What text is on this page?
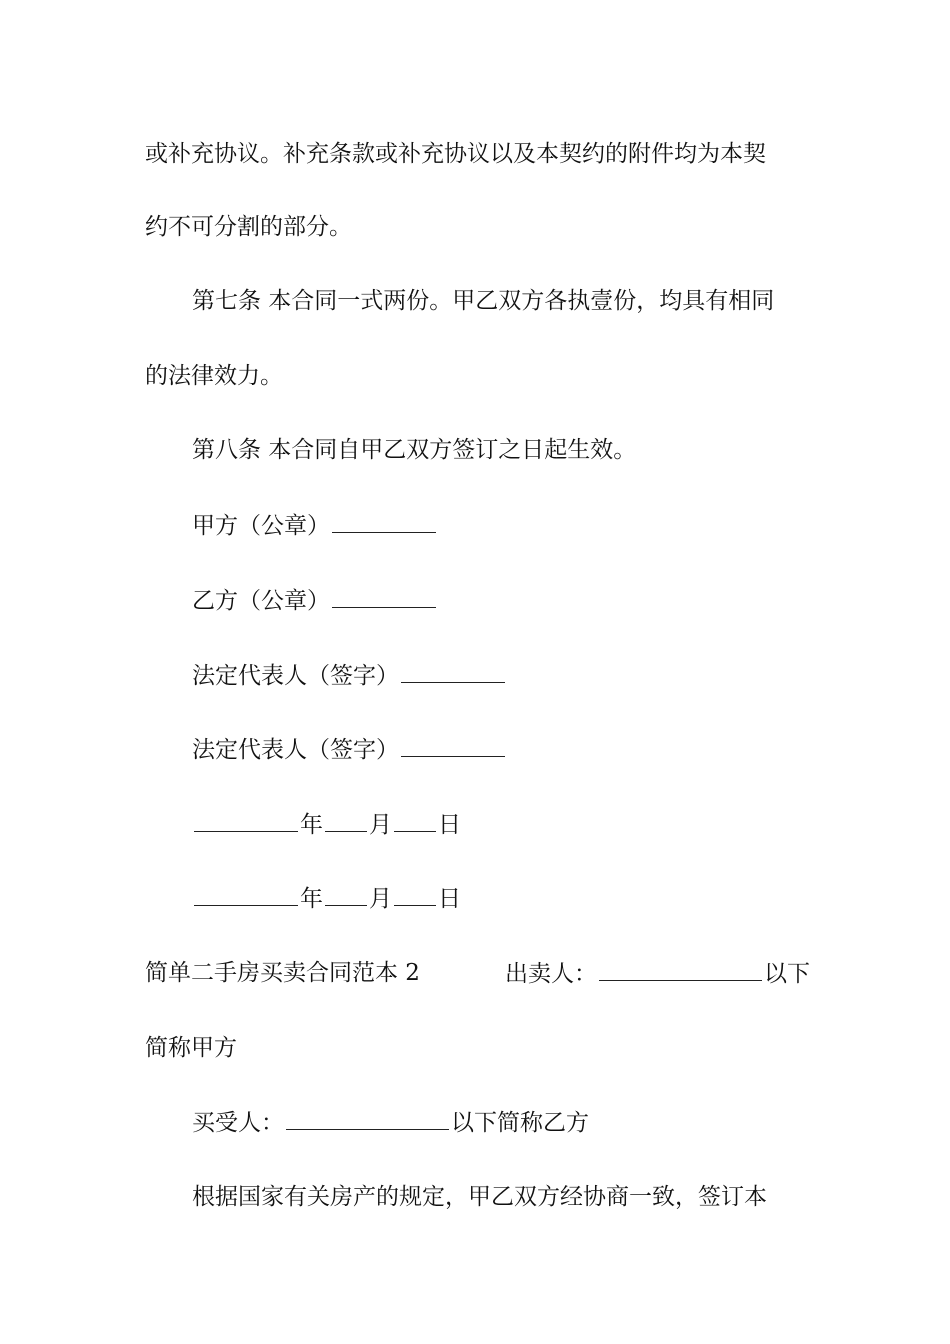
或补充协议。补充条款或补充协议以及本契约的附件均为本契
约不可分割的部分。
第七条 本合同一式两份。甲乙双方各执壹份，均具有相同
的法律效力。
第八条 本合同自甲乙双方签订之日起生效。
甲方（公章）
乙方（公章）
法定代表人（签字）
法定代表人（签字）
年 月 日
年 月 日
简单二手房买卖合同范本 2	出卖人：	以下
简称甲方
买受人：	以下简称乙方
根据国家有关房产的规定，甲乙双方经协商一致，签订本
